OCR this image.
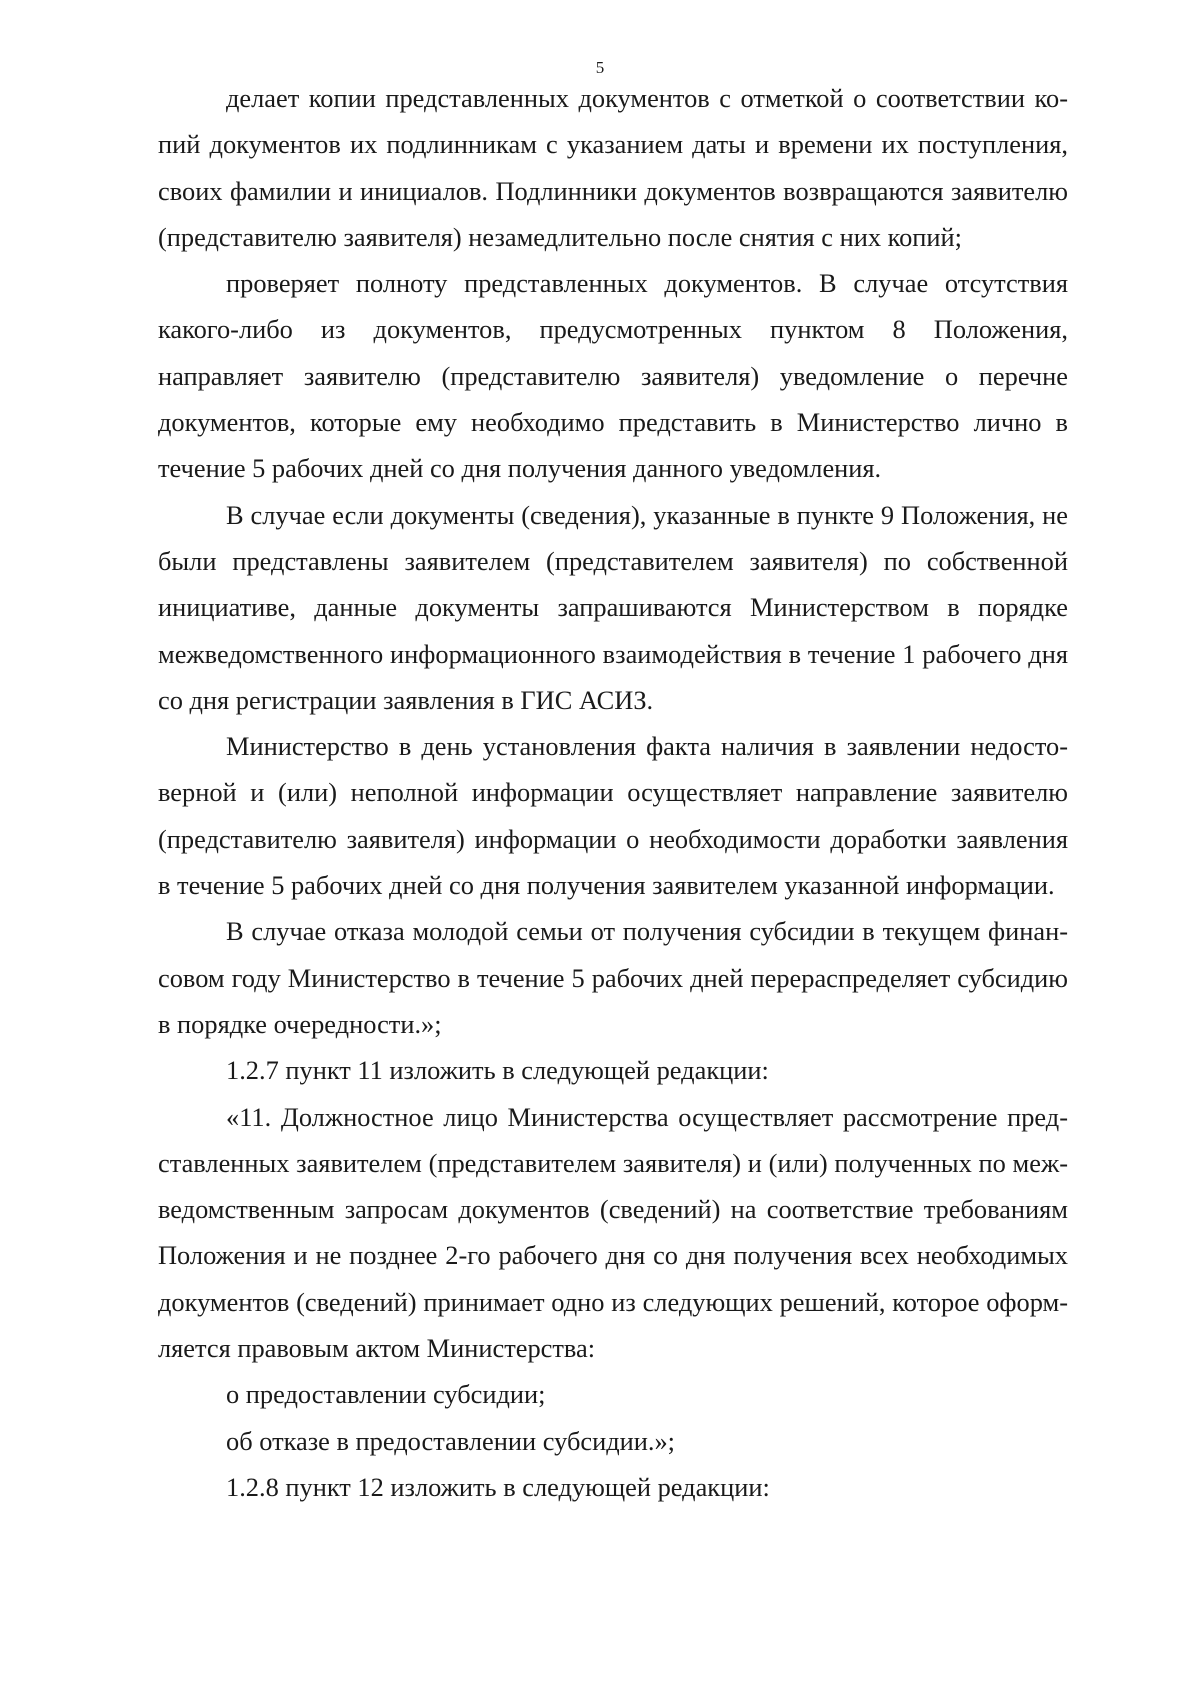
5

делает копии представленных документов с отметкой о соответствии копий документов их подлинникам с указанием даты и времени их поступления, своих фамилии и инициалов. Подлинники документов возвращаются заявителю (представителю заявителя) незамедлительно после снятия с них копий;

проверяет полноту представленных документов. В случае отсутствия какого-либо из документов, предусмотренных пунктом 8 Положения, направляет заявителю (представителю заявителя) уведомление о перечне документов, которые ему необходимо представить в Министерство лично в течение 5 рабочих дней со дня получения данного уведомления.

В случае если документы (сведения), указанные в пункте 9 Положения, не были представлены заявителем (представителем заявителя) по собственной инициативе, данные документы запрашиваются Министерством в порядке межведомственного информационного взаимодействия в течение 1 рабочего дня со дня регистрации заявления в ГИС АСИЗ.

Министерство в день установления факта наличия в заявлении недостоверной и (или) неполной информации осуществляет направление заявителю (представителю заявителя) информации о необходимости доработки заявления в течение 5 рабочих дней со дня получения заявителем указанной информации.

В случае отказа молодой семьи от получения субсидии в текущем финансовом году Министерство в течение 5 рабочих дней перераспределяет субсидию в порядке очередности.»;

1.2.7 пункт 11 изложить в следующей редакции:

«11. Должностное лицо Министерства осуществляет рассмотрение представленных заявителем (представителем заявителя) и (или) полученных по межведомственным запросам документов (сведений) на соответствие требованиям Положения и не позднее 2-го рабочего дня со дня получения всех необходимых документов (сведений) принимает одно из следующих решений, которое оформляется правовым актом Министерства:

о предоставлении субсидии;

об отказе в предоставлении субсидии.»;

1.2.8 пункт 12 изложить в следующей редакции:
